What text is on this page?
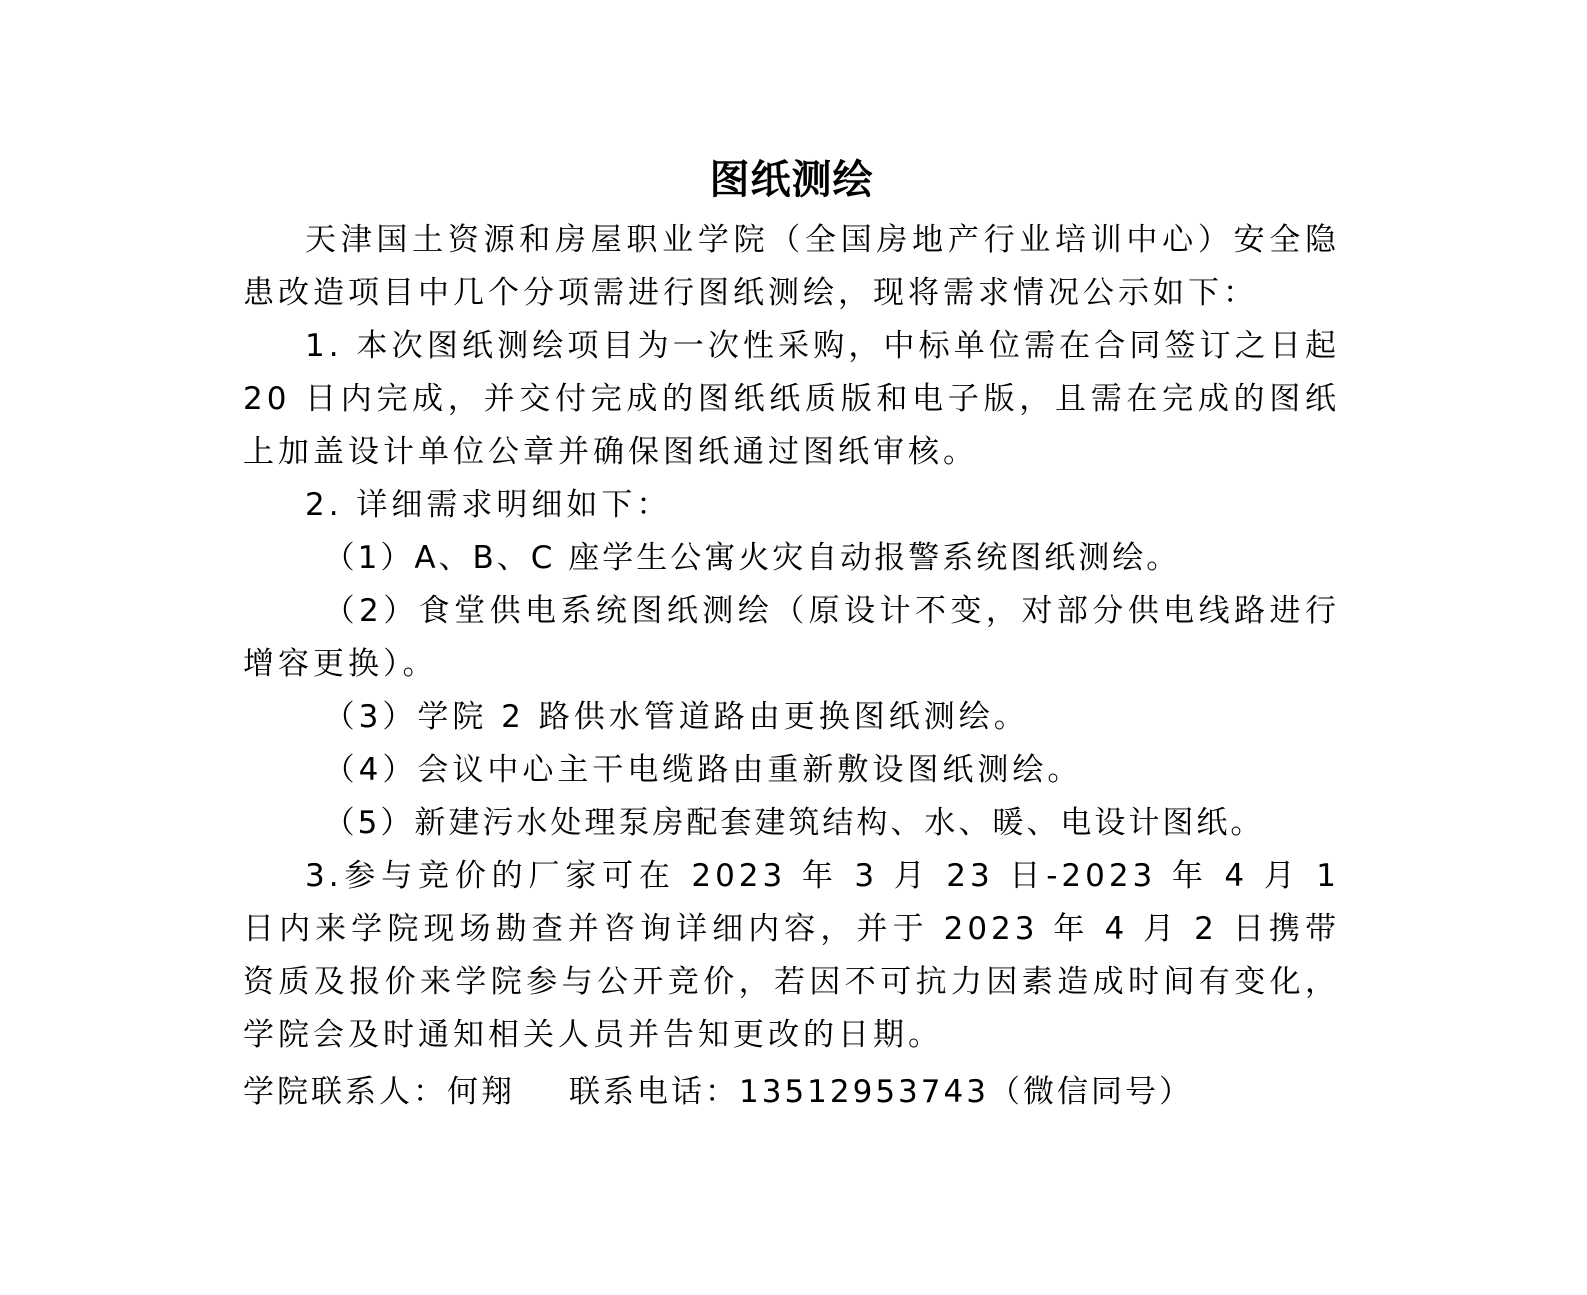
图纸测绘

天津国土资源和房屋职业学院（全国房地产行业培训中心）安全隐患改造项目中几个分项需进行图纸测绘，现将需求情况公示如下：

1. 本次图纸测绘项目为一次性采购，中标单位需在合同签订之日起 20 日内完成，并交付完成的图纸纸质版和电子版，且需在完成的图纸上加盖设计单位公章并确保图纸通过图纸审核。

2. 详细需求明细如下：

（1）A、B、C 座学生公寓火灾自动报警系统图纸测绘。

（2）食堂供电系统图纸测绘（原设计不变，对部分供电线路进行增容更换）。

（3）学院 2 路供水管道路由更换图纸测绘。

（4）会议中心主干电缆路由重新敷设图纸测绘。

（5）新建污水处理泵房配套建筑结构、水、暖、电设计图纸。

3.参与竞价的厂家可在 2023 年 3 月 23 日-2023 年 4 月 1 日内来学院现场勘查并咨询详细内容，并于 2023 年 4 月 2 日携带资质及报价来学院参与公开竞价，若因不可抗力因素造成时间有变化，学院会及时通知相关人员并告知更改的日期。

学院联系人：何翔 联系电话：13512953743（微信同号）
